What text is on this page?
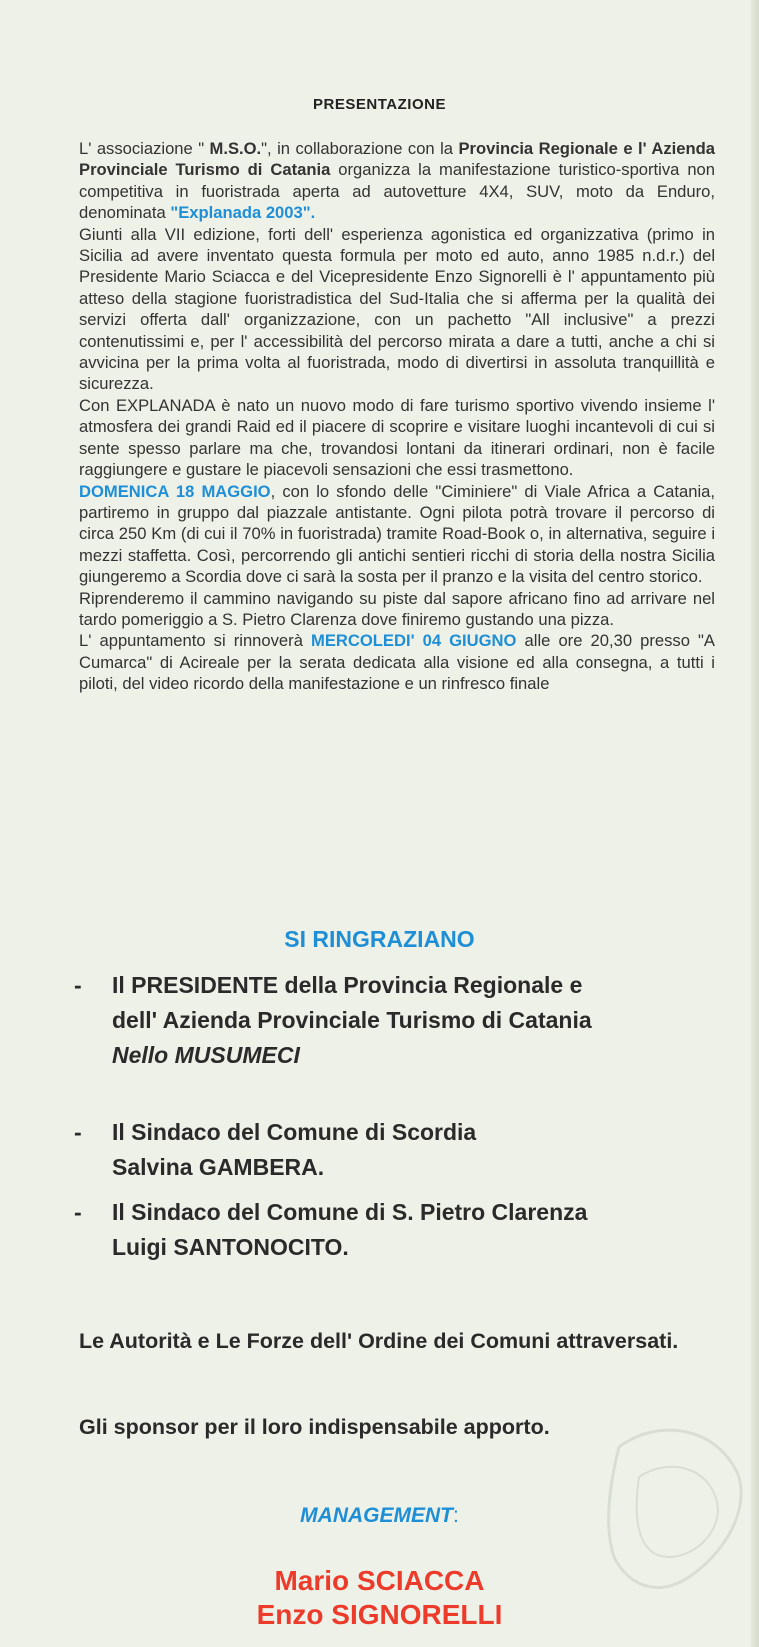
PRESENTAZIONE

L' associazione " M.S.O.", in collaborazione con la Provincia Regionale e l' Azienda Provinciale Turismo di Catania organizza la manifestazione turistico-sportiva non competitiva in fuoristrada aperta ad autovetture 4X4, SUV, moto da Enduro, denominata "Explanada 2003".

Giunti alla VII edizione, forti dell' esperienza agonistica ed organizzativa (primo in Sicilia ad avere inventato questa formula per moto ed auto, anno 1985 n.d.r.) del Presidente Mario Sciacca e del Vicepresidente Enzo Signorelli è l' appuntamento più atteso della stagione fuoristradistica del Sud-Italia che si afferma per la qualità dei servizi offerta dall' organizzazione, con un pachetto "All inclusive" a prezzi contenutissimi e, per l' accessibilità del percorso mirata a dare a tutti, anche a chi si avvicina per la prima volta al fuoristrada, modo di divertirsi in assoluta tranquillità e sicurezza.

Con EXPLANADA è nato un nuovo modo di fare turismo sportivo vivendo insieme l' atmosfera dei grandi Raid ed il piacere di scoprire e visitare luoghi incantevoli di cui si sente spesso parlare ma che, trovandosi lontani da itinerari ordinari, non è facile raggiungere e gustare le piacevoli sensazioni che essi trasmettono.

DOMENICA 18 MAGGIO, con lo sfondo delle "Ciminiere" di Viale Africa a Catania, partiremo in gruppo dal piazzale antistante. Ogni pilota potrà trovare il percorso di circa 250 Km (di cui il 70% in fuoristrada) tramite Road-Book o, in alternativa, seguire i mezzi staffetta. Così, percorrendo gli antichi sentieri ricchi di storia della nostra Sicilia giungeremo a Scordia dove ci sarà la sosta per il pranzo e la visita del centro storico.

Riprenderemo il cammino navigando su piste dal sapore africano fino ad arrivare nel tardo pomeriggio a S. Pietro Clarenza dove finiremo gustando una pizza.

L' appuntamento si rinnoverà MERCOLEDI' 04 GIUGNO alle ore 20,30 presso "A Cumarca" di Acireale per la serata dedicata alla visione ed alla consegna, a tutti i piloti, del video ricordo della manifestazione e un rinfresco finale

SI RINGRAZIANO
-	Il PRESIDENTE della Provincia Regionale e
dell' Azienda Provinciale Turismo di Catania
Nello MUSUMECI
-	Il Sindaco del Comune di Scordia
Salvina GAMBERA.
-	Il Sindaco del Comune di S. Pietro Clarenza
Luigi SANTONOCITO.
Le Autorità e Le Forze dell' Ordine dei Comuni attraversati.
Gli sponsor per il loro indispensabile apporto.
MANAGEMENT:
Mario SCIACCA
Enzo SIGNORELLI
